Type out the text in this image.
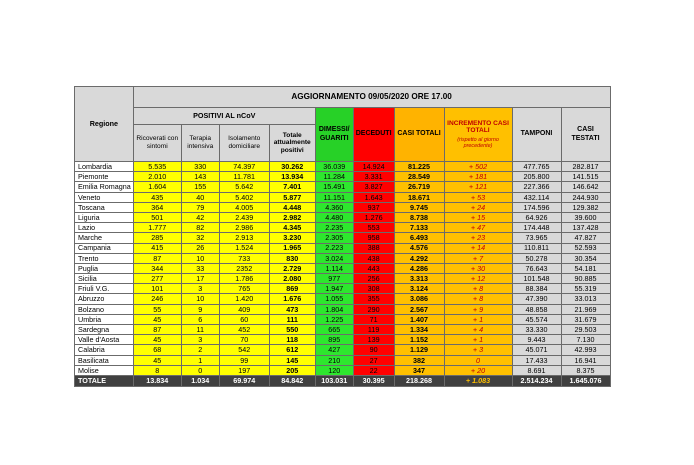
Regione	AGGIORNAMENTO 09/05/2020 ORE 17.00									
	POSITIVI AL nCoV				DIMESSI/ GUARITI	DECEDUTI	CASI TOTALI	INCREMENTO CASI TOTALI
(rispetto al giorno precedente)	TAMPONI	CASI TESTATI
	Ricoverati con sintomi	Terapia intensiva	Isolamento domiciliare	Totale attualmente positivi						
Lombardia	5.535	330	74.397	30.262	36.039	14.924	81.225	+ 502	477.765	282.817
Piemonte	2.010	143	11.781	13.934	11.284	3.331	28.549	+ 181	205.800	141.515
Emilia Romagna	1.604	155	5.642	7.401	15.491	3.827	26.719	+ 121	227.366	146.642
Veneto	435	40	5.402	5.877	11.151	1.643	18.671	+ 53	432.114	244.930
Toscana	364	79	4.005	4.448	4.360	937	9.745	+ 24	174.596	129.382
Liguria	501	42	2.439	2.982	4.480	1.276	8.738	+ 15	64.926	39.600
Lazio	1.777	82	2.986	4.345	2.235	553	7.133	+ 47	174.448	137.428
Marche	285	32	2.913	3.230	2.305	958	6.493	+ 23	73.965	47.827
Campania	415	26	1.524	1.965	2.223	388	4.576	+ 14	110.811	52.593
Trento	87	10	733	830	3.024	438	4.292	+ 7	50.278	30.354
Puglia	344	33	2352	2.729	1.114	443	4.286	+ 30	76.643	54.181
Sicilia	277	17	1.786	2.080	977	256	3.313	+ 12	101.548	90.885
Friuli V.G.	101	3	765	869	1.947	308	3.124	+ 8	88.384	55.319
Abruzzo	246	10	1.420	1.676	1.055	355	3.086	+ 8	47.390	33.013
Bolzano	55	9	409	473	1.804	290	2.567	+ 9	48.858	21.969
Umbria	45	6	60	111	1.225	71	1.407	+ 1	45.574	31.679
Sardegna	87	11	452	550	665	119	1.334	+ 4	33.330	29.503
Valle d'Aosta	45	3	70	118	895	139	1.152	+ 1	9.443	7.130
Calabria	68	2	542	612	427	90	1.129	+ 3	45.071	42.993
Basilicata	45	1	99	145	210	27	382	0	17.433	16.941
Molise	8	0	197	205	120	22	347	+ 20	8.691	8.375
TOTALE	13.834	1.034	69.974	84.842	103.031	30.395	218.268	+ 1.083	2.514.234	1.645.076
